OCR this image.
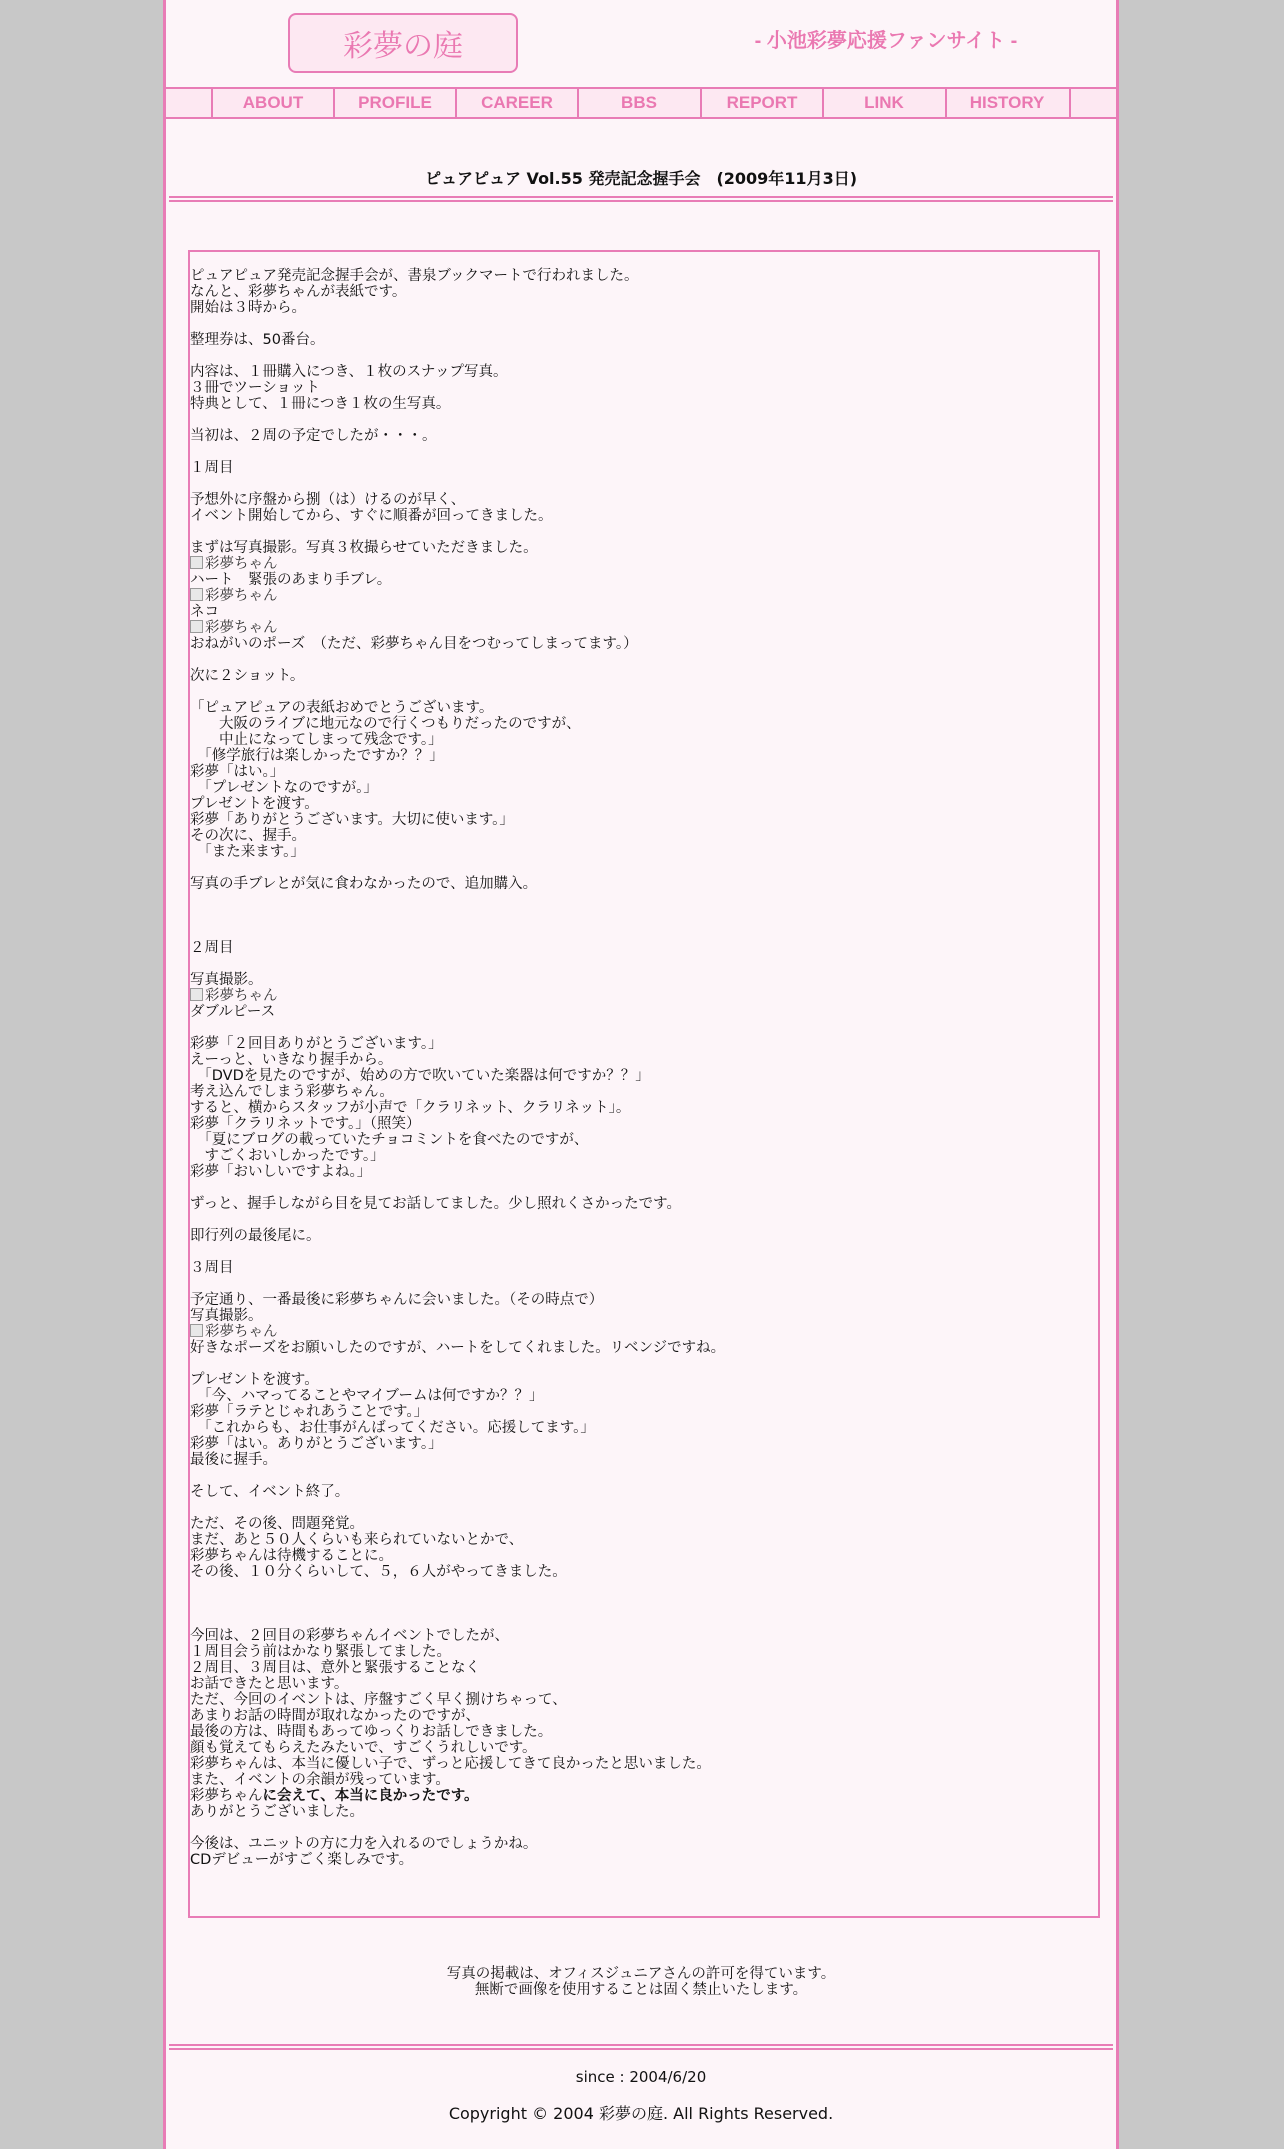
彩夢の庭	- 小池彩夢応援ファンサイト -
ABOUT	PROFILE	CAREER	BBS	REPORT	LINK	HISTORY
ピュアピュア Vol.55 発売記念握手会　(2009年11月3日)
ピュアピュア発売記念握手会が、書泉ブックマートで行われました。
なんと、彩夢ちゃんが表紙です。
開始は３時から。
整理券は、50番台。
内容は、１冊購入につき、１枚のスナップ写真。
３冊でツーショット
特典として、１冊につき１枚の生写真。
当初は、２周の予定でしたが・・・。
１周目
予想外に序盤から捌（は）けるのが早く、
イベント開始してから、すぐに順番が回ってきました。
まずは写真撮影。写真３枚撮らせていただきました。
彩夢ちゃん
ハート　緊張のあまり手ブレ。
彩夢ちゃん
ネコ
彩夢ちゃん
おねがいのポーズ　（ただ、彩夢ちゃん目をつむってしまってます。）
次に２ショット。
「ピュアピュアの表紙おめでとうございます。
　　大阪のライブに地元なので行くつもりだったのですが、
　　中止になってしまって残念です。」
　「修学旅行は楽しかったですか？？」
彩夢「はい。」
　「プレゼントなのですが。」
プレゼントを渡す。
彩夢「ありがとうございます。大切に使います。」
その次に、握手。
　「また来ます。」
写真の手ブレとが気に食わなかったので、追加購入。
２周目
写真撮影。
彩夢ちゃん
ダブルピース
彩夢「２回目ありがとうございます。」
えーっと、いきなり握手から。
　「DVDを見たのですが、始めの方で吹いていた楽器は何ですか？？」
考え込んでしまう彩夢ちゃん。
すると、横からスタッフが小声で「クラリネット、クラリネット」。
彩夢「クラリネットです。」（照笑）
　「夏にブログの載っていたチョコミントを食べたのですが、
　すごくおいしかったです。」
彩夢「おいしいですよね。」
ずっと、握手しながら目を見てお話してました。少し照れくさかったです。
即行列の最後尾に。
３周目
予定通り、一番最後に彩夢ちゃんに会いました。（その時点で）
写真撮影。
彩夢ちゃん
好きなポーズをお願いしたのですが、ハートをしてくれました。リベンジですね。
プレゼントを渡す。
　「今、ハマってることやマイブームは何ですか？？」
彩夢「ラテとじゃれあうことです。」
　「これからも、お仕事がんばってください。応援してます。」
彩夢「はい。ありがとうございます。」
最後に握手。
そして、イベント終了。
ただ、その後、問題発覚。
まだ、あと５０人くらいも来られていないとかで、
彩夢ちゃんは待機することに。
その後、１０分くらいして、５，６人がやってきました。
今回は、２回目の彩夢ちゃんイベントでしたが、
１周目会う前はかなり緊張してました。
２周目、３周目は、意外と緊張することなく
お話できたと思います。
ただ、今回のイベントは、序盤すごく早く捌けちゃって、
あまりお話の時間が取れなかったのですが、
最後の方は、時間もあってゆっくりお話しできました。
顔も覚えてもらえたみたいで、すごくうれしいです。
彩夢ちゃんは、本当に優しい子で、ずっと応援してきて良かったと思いました。
また、イベントの余韻が残っています。
彩夢ちゃんに会えて、本当に良かったです。
ありがとうございました。
今後は、ユニットの方に力を入れるのでしょうかね。
CDデビューがすごく楽しみです。
写真の掲載は、オフィスジュニアさんの許可を得ています。
無断で画像を使用することは固く禁止いたします。
since : 2004/6/20
Copyright © 2004 彩夢の庭. All Rights Reserved.
